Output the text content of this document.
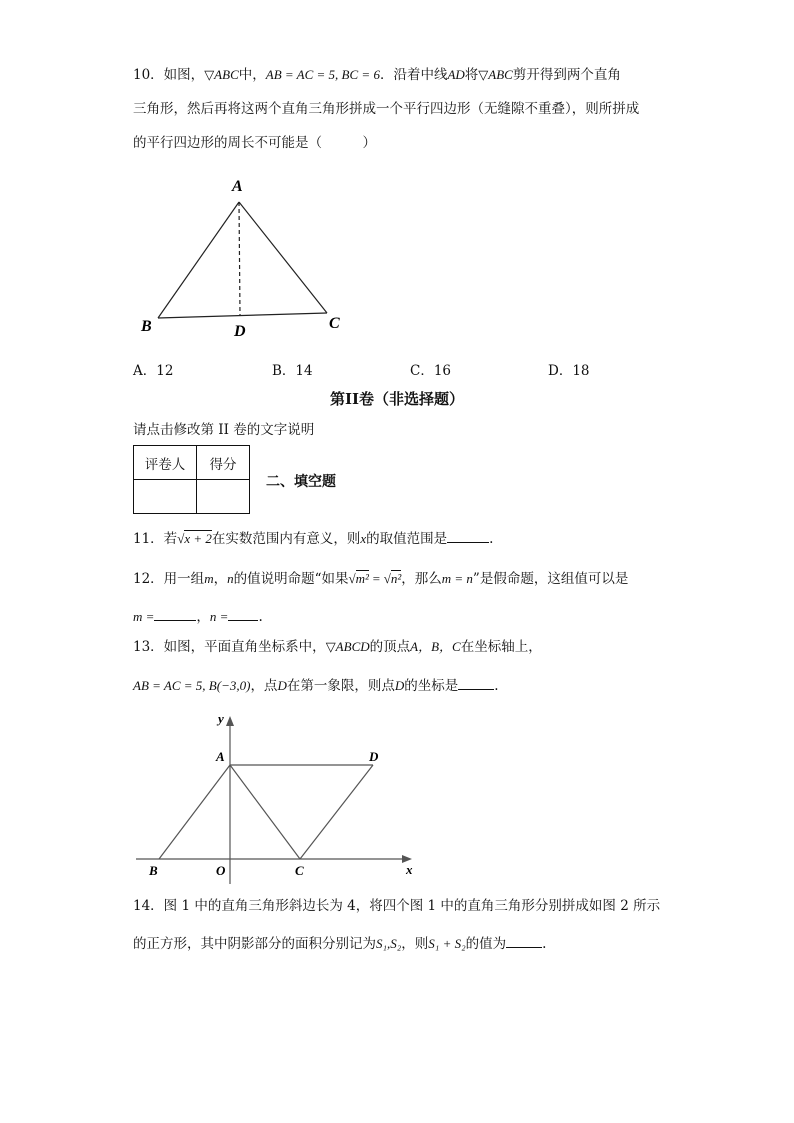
10．如图，▽ABC中，AB = AC = 5, BC = 6．沿着中线AD将▽ABC剪开得到两个直角
三角形，然后再将这两个直角三角形拼成一个平行四边形（无缝隙不重叠），则所拼成
的平行四边形的周长不可能是（　　　）
A
B	C
D
A．12	B．14	C．16	D．18
第II卷（非选择题）
请点击修改第 II 卷的文字说明
评卷人	得分

二、填空题
11．若√x + 2在实数范围内有意义，则x的取值范围是	.
12．用一组m，n的值说明命题“如果√m² = √n²，那么m = n”是假命题，这组值可以是
m =	，n = .
13．如图，平面直角坐标系中，▽ABCD的顶点A，B，C在坐标轴上，
AB = AC = 5, B(−3,0)，点D在第一象限，则点D的坐标是	.
y
x
A	D
B	O	C
14．图 1 中的直角三角形斜边长为 4，将四个图 1 中的直角三角形分别拼成如图 2 所示
的正方形，其中阴影部分的面积分别记为S₁,S₂，则S₁ + S₂的值为	.
